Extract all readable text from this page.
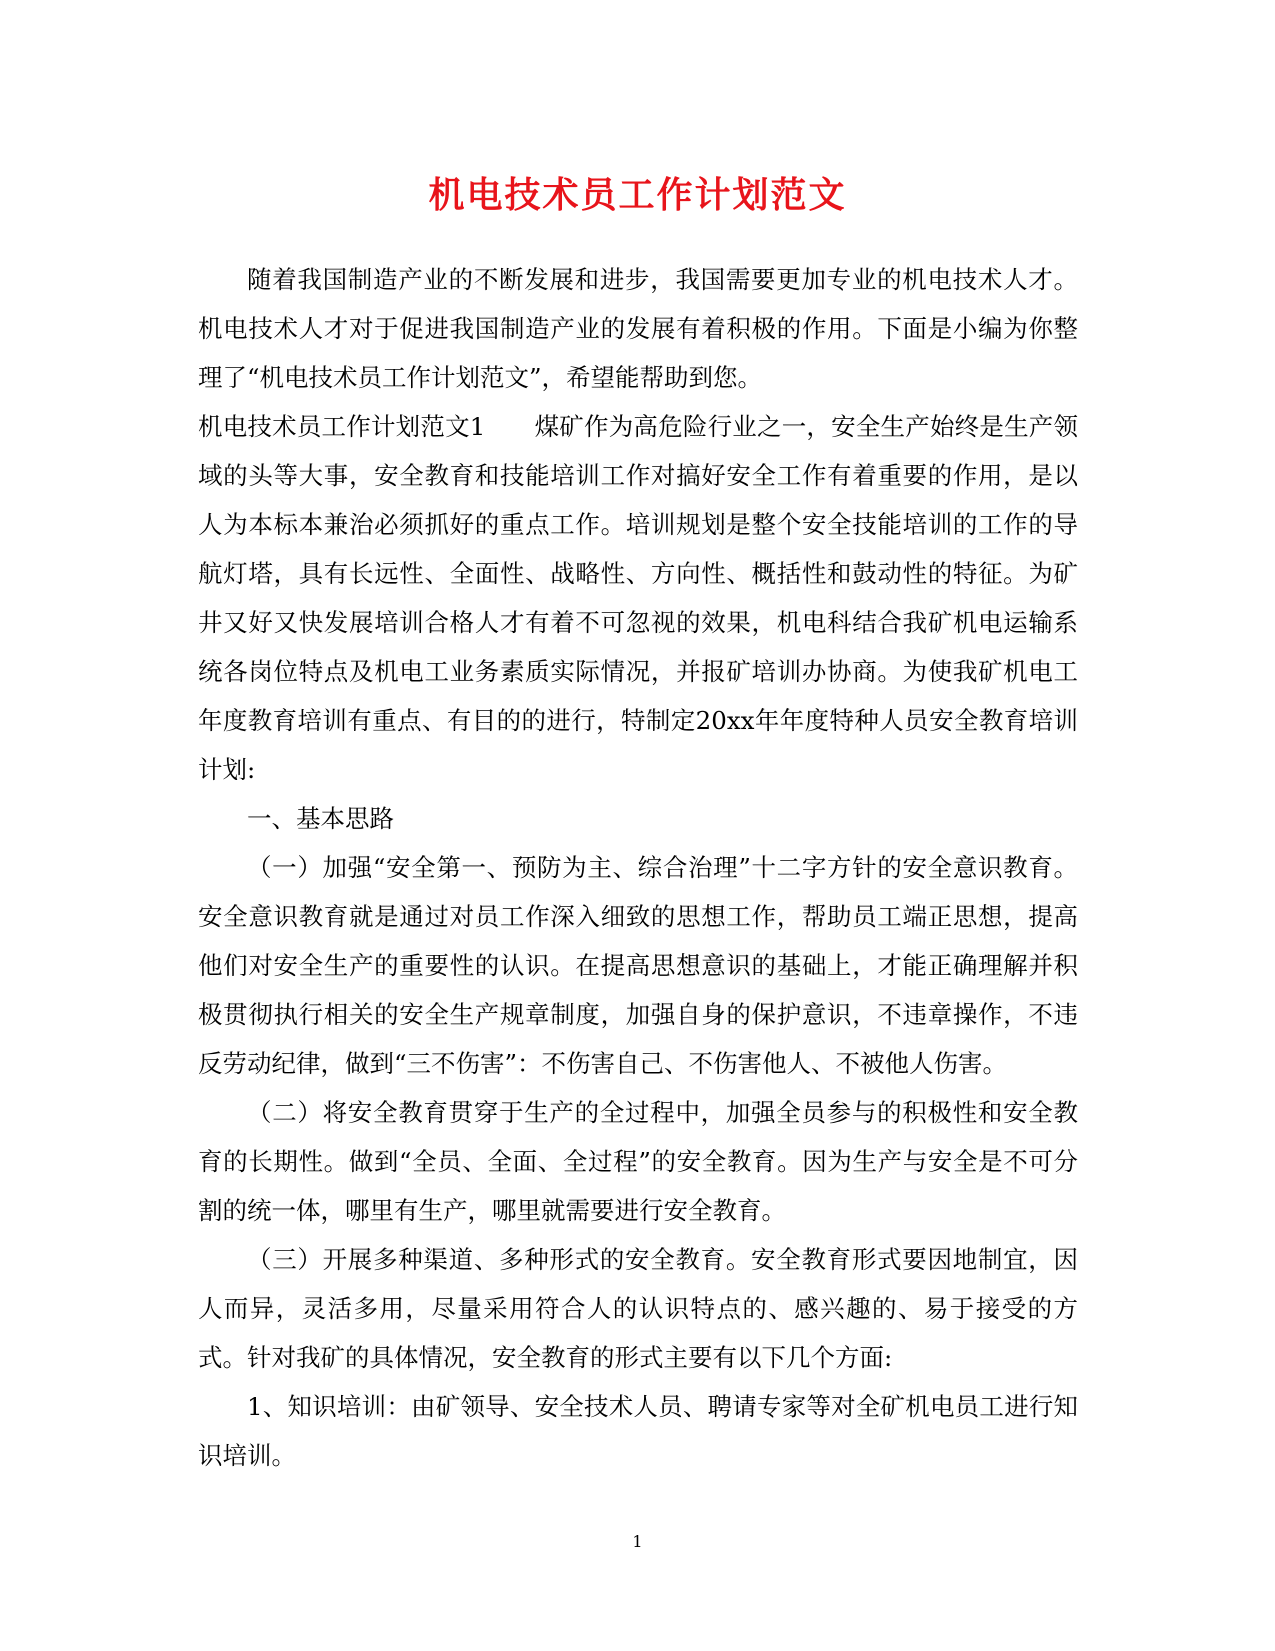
机电技术员工作计划范文

随着我国制造产业的不断发展和进步，我国需要更加专业的机电技术人才。机电技术人才对于促进我国制造产业的发展有着积极的作用。下面是小编为你整理了“机电技术员工作计划范文”，希望能帮助到您。

机电技术员工作计划范文1 煤矿作为高危险行业之一，安全生产始终是生产领域的头等大事，安全教育和技能培训工作对搞好安全工作有着重要的作用，是以人为本标本兼治必须抓好的重点工作。培训规划是整个安全技能培训的工作的导航灯塔，具有长远性、全面性、战略性、方向性、概括性和鼓动性的特征。为矿井又好又快发展培训合格人才有着不可忽视的效果，机电科结合我矿机电运输系统各岗位特点及机电工业务素质实际情况，并报矿培训办协商。为使我矿机电工年度教育培训有重点、有目的的进行，特制定20xx年年度特种人员安全教育培训计划:

一、基本思路

（一）加强“安全第一、预防为主、综合治理”十二字方针的安全意识教育。安全意识教育就是通过对员工作深入细致的思想工作，帮助员工端正思想，提高他们对安全生产的重要性的认识。在提高思想意识的基础上，才能正确理解并积极贯彻执行相关的安全生产规章制度，加强自身的保护意识，不违章操作，不违反劳动纪律，做到“三不伤害”：不伤害自己、不伤害他人、不被他人伤害。

（二）将安全教育贯穿于生产的全过程中，加强全员参与的积极性和安全教育的长期性。做到“全员、全面、全过程”的安全教育。因为生产与安全是不可分割的统一体，哪里有生产，哪里就需要进行安全教育。

（三）开展多种渠道、多种形式的安全教育。安全教育形式要因地制宜，因人而异，灵活多用，尽量采用符合人的认识特点的、感兴趣的、易于接受的方式。针对我矿的具体情况，安全教育的形式主要有以下几个方面:

1、知识培训：由矿领导、安全技术人员、聘请专家等对全矿机电员工进行知识培训。

1
